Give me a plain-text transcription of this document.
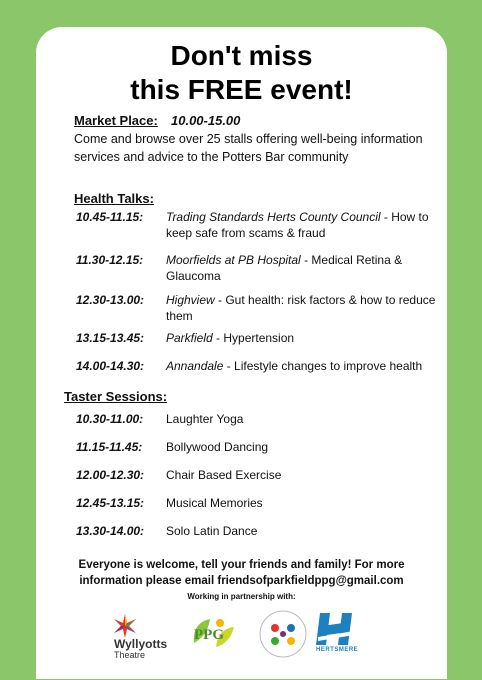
Don't miss
this FREE event!
Market Place: 10.00-15.00
Come and browse over 25 stalls offering well-being information services and advice to the Potters Bar community
Health Talks:
10.45-11.15:	Trading Standards Herts County Council - How to keep safe from scams & fraud
11.30-12.15:	Moorfields at PB Hospital - Medical Retina & Glaucoma
12.30-13.00:	Highview - Gut health: risk factors & how to reduce them
13.15-13.45:	Parkfield - Hypertension
14.00-14.30:	Annandale - Lifestyle changes to improve health
Taster Sessions:
10.30-11.00:	Laughter Yoga
11.15-11.45:	Bollywood Dancing
12.00-12.30:	Chair Based Exercise
12.45-13.15:	Musical Memories
13.30-14.00:	Solo Latin Dance
Everyone is welcome, tell your friends and family! For more
information please email friendsofparkfieldppg@gmail.com
Working in partnership with:
Wyllyotts
Theatre
PPG
HERTSMERE
